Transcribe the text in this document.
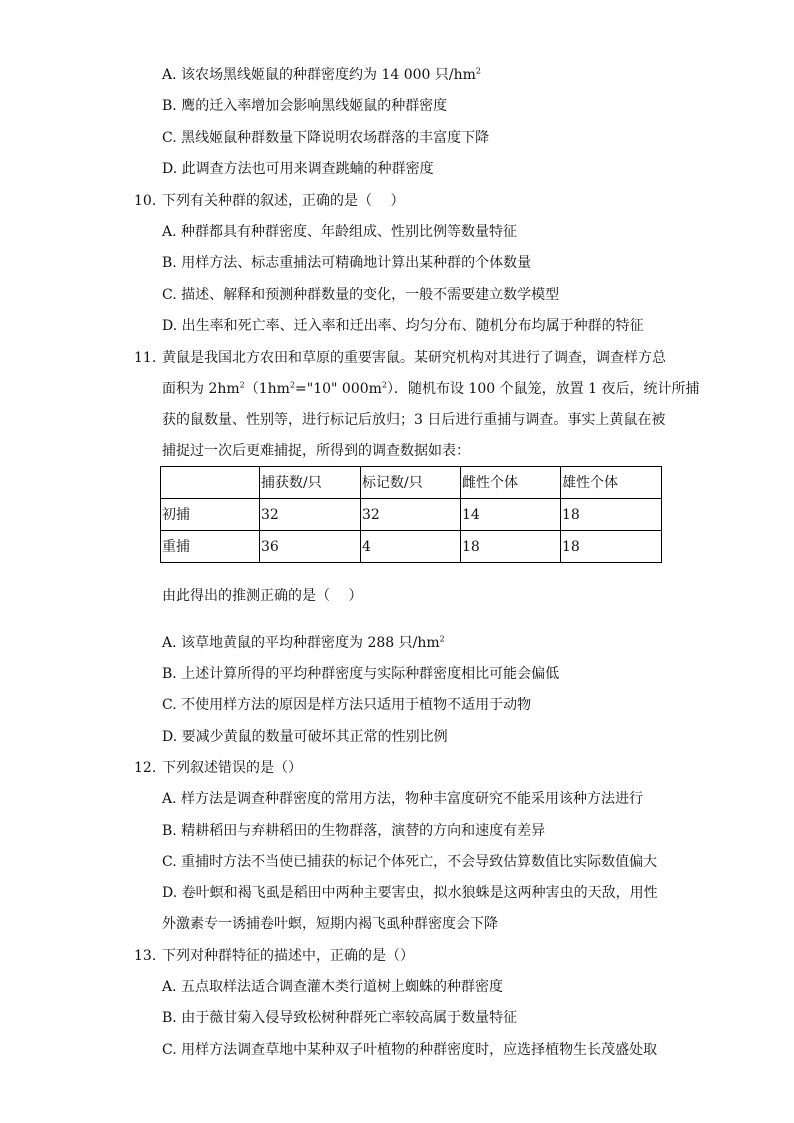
A. 该农场黑线姬鼠的种群密度约为 14 000 只$/hm^2$
B. 鹰的迁入率增加会影响黑线姬鼠的种群密度
C. 黑线姬鼠种群数量下降说明农场群落的丰富度下降
D. 此调查方法也可用来调查跳蝻的种群密度
10. 下列有关种群的叙述，正确的是（　 ）
A. 种群都具有种群密度、年龄组成、性别比例等数量特征
B. 用样方法、标志重捕法可精确地计算出某种群的个体数量
C. 描述、解释和预测种群数量的变化，一般不需要建立数学模型
D. 出生率和死亡率、迁入率和迁出率、均匀分布、随机分布均属于种群的特征
11. 黄鼠是我国北方农田和草原的重要害鼠。某研究机构对其进行了调查，调查样方总
面积为 $2hm^2(1hm^2="10$" $000m^2$）．随机布设 100 个鼠笼，放置 1 夜后，统计所捕
获的鼠数量、性别等，进行标记后放归；3 日后进行重捕与调查。事实上黄鼠在被
捕捉过一次后更难捕捉，所得到的调查数据如表：
	捕获数/只	标记数/只	雌性个体	雄性个体
初捕	32	32	14	18
重捕	36	4	18	18
由此得出的推测正确的是（　 ）
A. 该草地黄鼠的平均种群密度为 288 只$/hm^2$
B. 上述计算所得的平均种群密度与实际种群密度相比可能会偏低
C. 不使用样方法的原因是样方法只适用于植物不适用于动物
D. 要减少黄鼠的数量可破坏其正常的性别比例
12. 下列叙述错误的是（）
A. 样方法是调查种群密度的常用方法，物种丰富度研究不能采用该种方法进行
B. 精耕稻田与弃耕稻田的生物群落，演替的方向和速度有差异
C. 重捕时方法不当使已捕获的标记个体死亡，不会导致估算数值比实际数值偏大
D. 卷叶螟和褐飞虱是稻田中两种主要害虫，拟水狼蛛是这两种害虫的天敌，用性
外激素专一诱捕卷叶螟，短期内褐飞虱种群密度会下降
13. 下列对种群特征的描述中，正确的是（）
A. 五点取样法适合调查灌木类行道树上蜘蛛的种群密度
B. 由于薇甘菊入侵导致松树种群死亡率较高属于数量特征
C. 用样方法调查草地中某种双子叶植物的种群密度时，应选择植物生长茂盛处取
